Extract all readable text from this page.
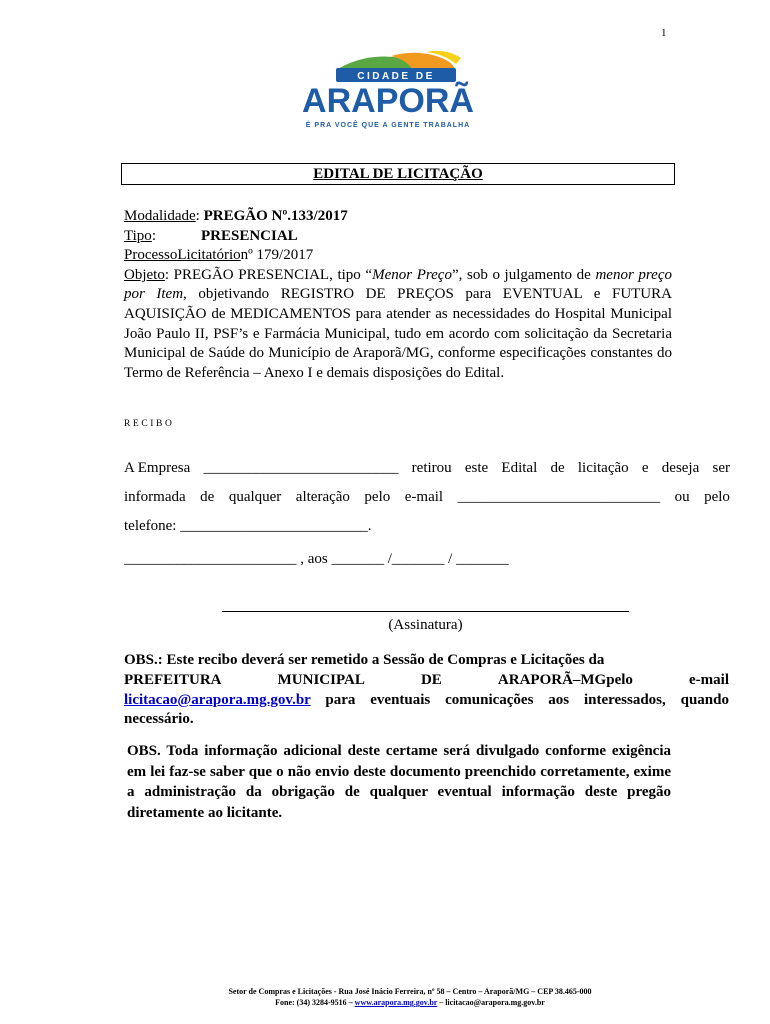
1
CIDADE DE
ARAPORÃ
É PRA VOCÊ QUE A GENTE TRABALHA
EDITAL DE LICITAÇÃO
Modalidade: PREGÃO Nº.133/2017
Tipo:            PRESENCIAL
ProcessoLicitatórionº 179/2017
Objeto: PREGÃO PRESENCIAL, tipo “Menor Preço”, sob o julgamento de menor preço por Item, objetivando REGISTRO DE PREÇOS para EVENTUAL e FUTURA AQUISIÇÃO de MEDICAMENTOS para atender as necessidades do Hospital Municipal João Paulo II, PSF’s e Farmácia Municipal, tudo em acordo com solicitação da Secretaria Municipal de Saúde do Município de Araporã/MG, conforme especificações constantes do Termo de Referência – Anexo I e demais disposições do Edital.
RECIBO
A Empresa __________________________ retirou este Edital de licitação e deseja ser
informada de qualquer alteração pelo e-mail ___________________________ ou pelo
telefone: _________________________.
_______________________ , aos _______ /_______ / _______
(Assinatura)
OBS.: Este recibo deverá ser remetido a Sessão de Compras e Licitações da
PREFEITURA	MUNICIPAL	DE	ARAPORÃ–MGpelo	e-mail
licitacao@arapora.mg.gov.br para eventuais comunicações aos interessados, quando necessário.
OBS. Toda informação adicional deste certame será divulgado conforme exigência em lei faz-se saber que o não envio deste documento preenchido corretamente, exime a administração da obrigação de qualquer eventual informação deste pregão diretamente ao licitante.
Setor de Compras e Licitações - Rua José Inácio Ferreira, nº 58 – Centro – Araporã/MG – CEP 38.465-000
Fone: (34) 3284-9516 – www.arapora.mg.gov.br – licitacao@arapora.mg.gov.br
